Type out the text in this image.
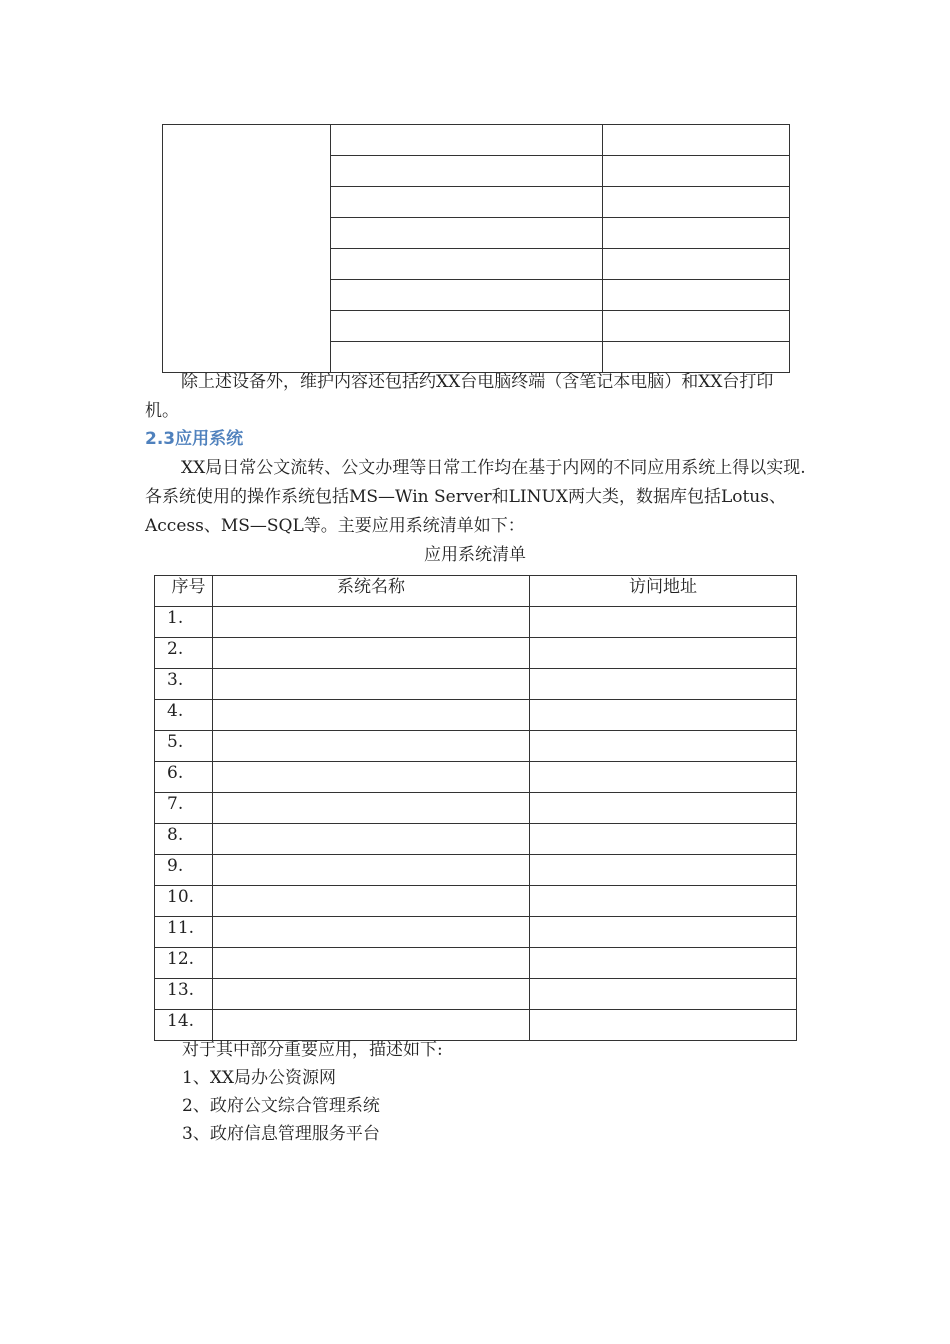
除上述设备外，维护内容还包括约XX台电脑终端（含笔记本电脑）和XX台打印机。

2.3应用系统

XX局日常公文流转、公文办理等日常工作均在基于内网的不同应用系统上得以实现.各系统使用的操作系统包括MS—Win Server和LINUX两大类，数据库包括Lotus、Access、MS—SQL等。主要应用系统清单如下：

应用系统清单
序号	系统名称	访问地址
1.		
2.		
3.		
4.		
5.		
6.		
7.		
8.		
9.		
10.		
11.		
12.		
13.		
14.		

对于其中部分重要应用，描述如下:

1、XX局办公资源网

2、政府公文综合管理系统

3、政府信息管理服务平台
